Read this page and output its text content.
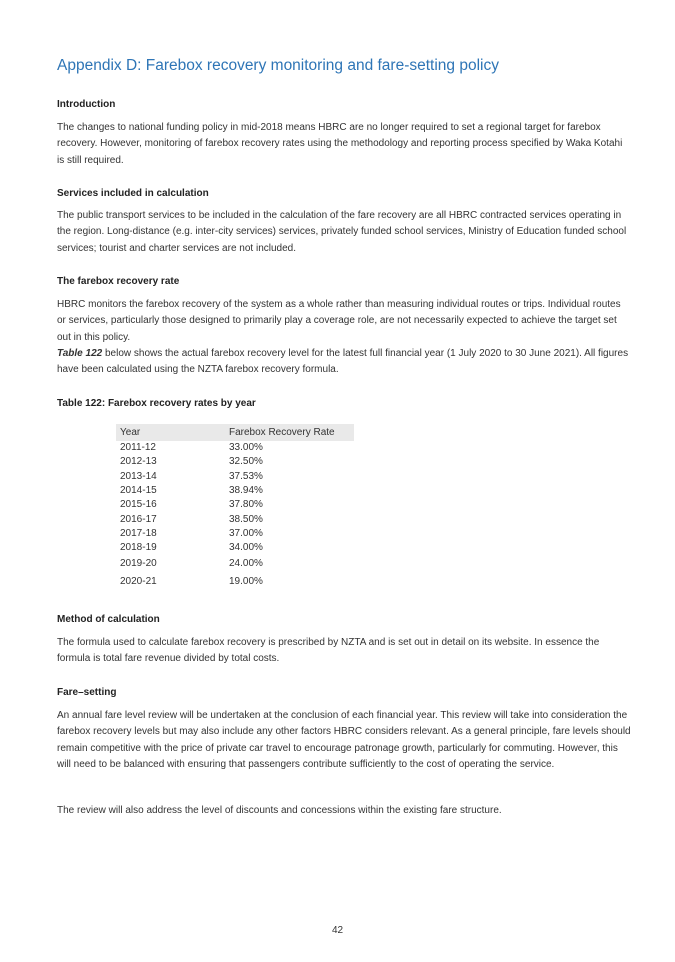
Appendix D: Farebox recovery monitoring and fare-setting policy
Introduction

The changes to national funding policy in mid-2018 means HBRC are no longer required to set a regional target for farebox recovery. However, monitoring of farebox recovery rates using the methodology and reporting process specified by Waka Kotahi is still required.

Services included in calculation

The public transport services to be included in the calculation of the fare recovery are all HBRC contracted services operating in the region. Long-distance (e.g. inter-city services) services, privately funded school services, Ministry of Education funded school services; tourist and charter services are not included.

The farebox recovery rate

HBRC monitors the farebox recovery of the system as a whole rather than measuring individual routes or trips. Individual routes or services, particularly those designed to primarily play a coverage role, are not necessarily expected to achieve the target set out in this policy.

Table 122 below shows the actual farebox recovery level for the latest full financial year (1 July 2020 to 30 June 2021). All figures have been calculated using the NZTA farebox recovery formula.

Table 122: Farebox recovery rates by year
Year	Farebox Recovery Rate
2011-12	33.00%
2012-13	32.50%
2013-14	37.53%
2014-15	38.94%
2015-16	37.80%
2016-17	38.50%
2017-18	37.00%
2018-19	34.00%
2019-20	24.00%
2020-21	19.00%
Method of calculation

The formula used to calculate farebox recovery is prescribed by NZTA and is set out in detail on its website. In essence the formula is total fare revenue divided by total costs.

Fare–setting

An annual fare level review will be undertaken at the conclusion of each financial year. This review will take into consideration the farebox recovery levels but may also include any other factors HBRC considers relevant. As a general principle, fare levels should remain competitive with the price of private car travel to encourage patronage growth, particularly for commuting. However, this will need to be balanced with ensuring that passengers contribute sufficiently to the cost of operating the service.

The review will also address the level of discounts and concessions within the existing fare structure.

42
